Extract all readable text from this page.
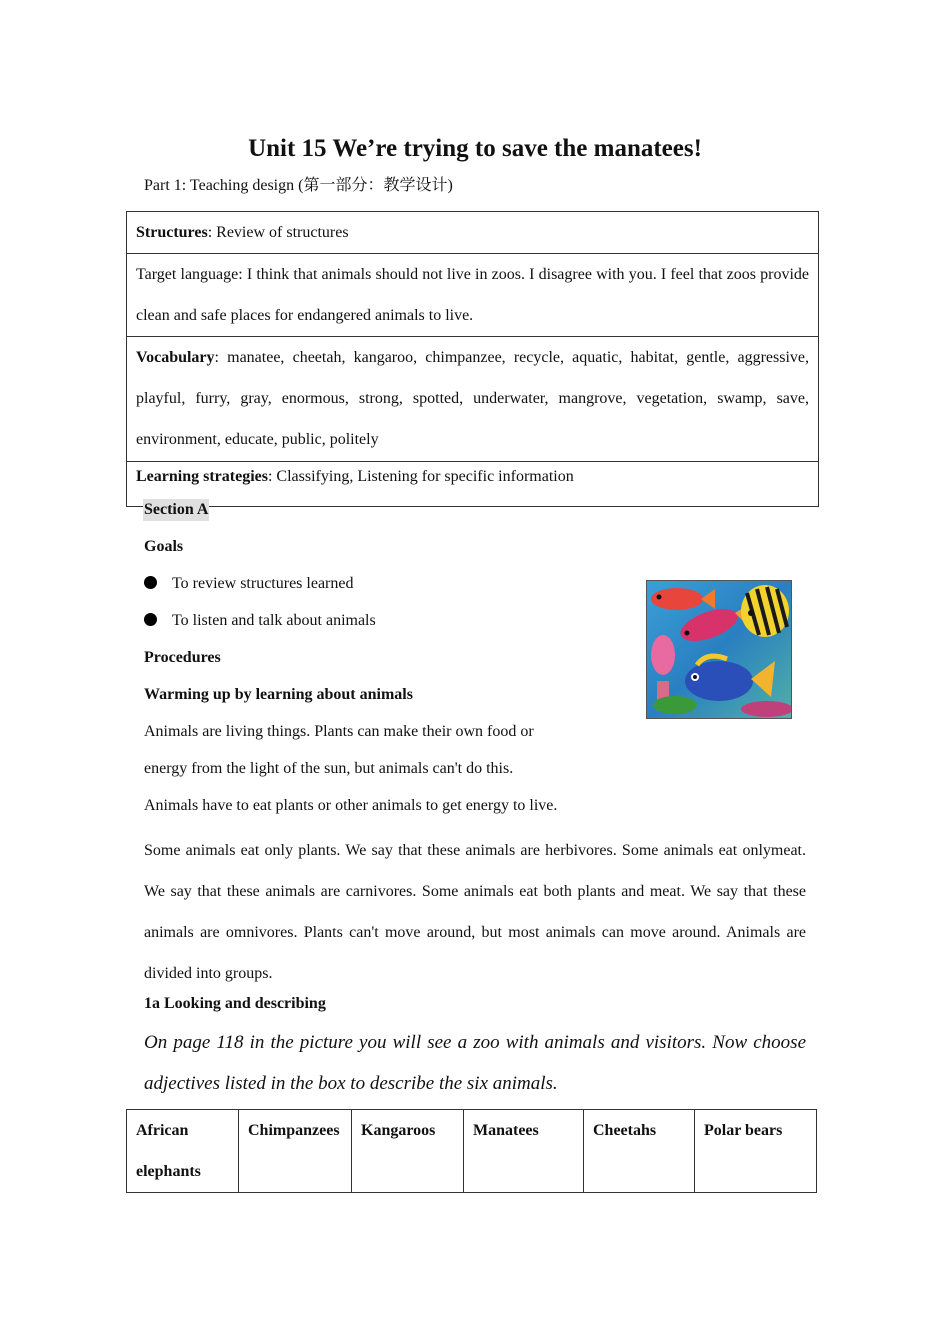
Unit 15 We’re trying to save the manatees!
Part 1: Teaching design (第一部分：教学设计)
Structures: Review of structures
Target language: I think that animals should not live in zoos. I disagree with you. I feel that zoos provide clean and safe places for endangered animals to live.
Vocabulary: manatee, cheetah, kangaroo, chimpanzee, recycle, aquatic, habitat, gentle, aggressive, playful, furry, gray, enormous, strong, spotted, underwater, mangrove, vegetation, swamp, save, environment, educate, public, politely
Learning strategies: Classifying, Listening for specific information
Section A
Goals
To review structures learned
To listen and talk about animals
Procedures
Warming up by learning about animals
Animals are living things. Plants can make their own food or
energy from the light of the sun, but animals can't do this.
Animals have to eat plants or other animals to get energy to live.
Some animals eat only plants. We say that these animals are herbivores. Some animals eat onlymeat. We say that these animals are carnivores. Some animals eat both plants and meat. We say that these animals are omnivores. Plants can't move around, but most animals can move around. Animals are divided into groups.
1a Looking and describing
On page 118 in the picture you will see a zoo with animals and visitors. Now choose adjectives listed in the box to describe the six animals.
African elephants	Chimpanzees	Kangaroos	Manatees	Cheetahs	Polar bears
